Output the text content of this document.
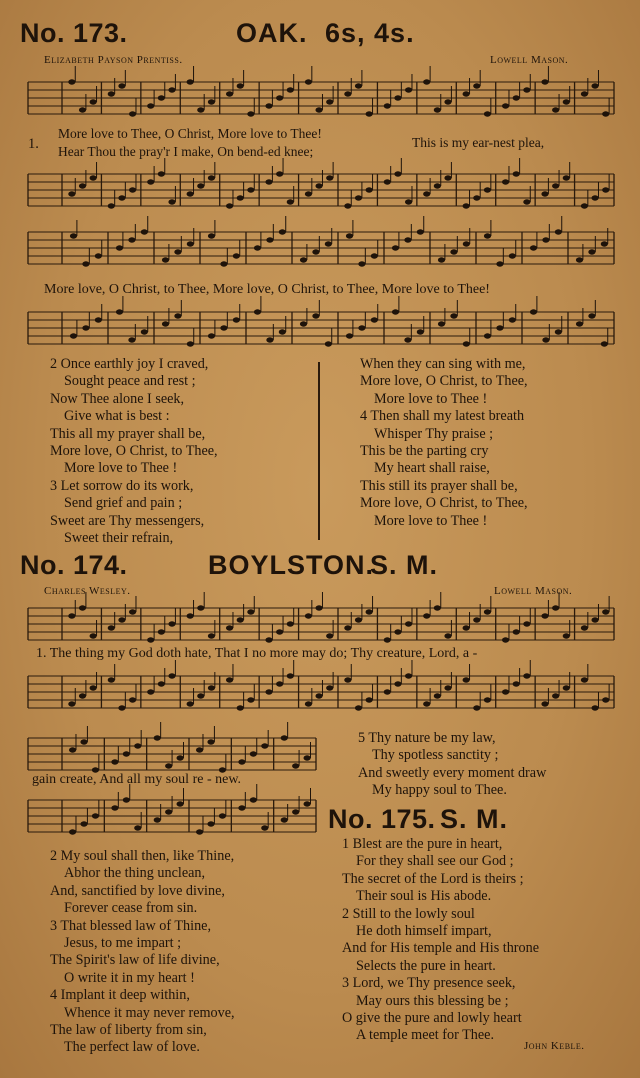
No. 173.	OAK. 6s, 4s.
Elizabeth Payson Prentiss.	Lowell Mason.
1.
More love to Thee, O Christ, More love to Thee!
Hear Thou the pray'r I make, On bend-ed knee;
This is my ear-nest plea,
More love, O Christ, to Thee, More love, O Christ, to Thee, More love to Thee!
2 Once earthly joy I craved,
Sought peace and rest ;
Now Thee alone I seek,
Give what is best :
This all my prayer shall be,
More love, O Christ, to Thee,
More love to Thee !
3 Let sorrow do its work,
Send grief and pain ;
Sweet are Thy messengers,
Sweet their refrain,
When they can sing with me,
More love, O Christ, to Thee,
More love to Thee !
4 Then shall my latest breath
Whisper Thy praise ;
This be the parting cry
My heart shall raise,
This still its prayer shall be,
More love, O Christ, to Thee,
More love to Thee !
No. 174.	BOYLSTON.
S. M.
Charles Wesley.	Lowell Mason.
1. The thing my God doth hate, That I no more may do; Thy creature, Lord, a -
gain create, And all my soul re - new.
5 Thy nature be my law,
Thy spotless sanctity ;
And sweetly every moment draw
My happy soul to Thee.
2 My soul shall then, like Thine,
Abhor the thing unclean,
And, sanctified by love divine,
Forever cease from sin.
3 That blessed law of Thine,
Jesus, to me impart ;
The Spirit's law of life divine,
O write it in my heart !
4 Implant it deep within,
Whence it may never remove,
The law of liberty from sin,
The perfect law of love.
No. 175. S. M.
1 Blest are the pure in heart,
For they shall see our God ;
The secret of the Lord is theirs ;
Their soul is His abode.
2 Still to the lowly soul
He doth himself impart,
And for His temple and His throne
Selects the pure in heart.
3 Lord, we Thy presence seek,
May ours this blessing be ;
O give the pure and lowly heart
A temple meet for Thee.
John Keble.
